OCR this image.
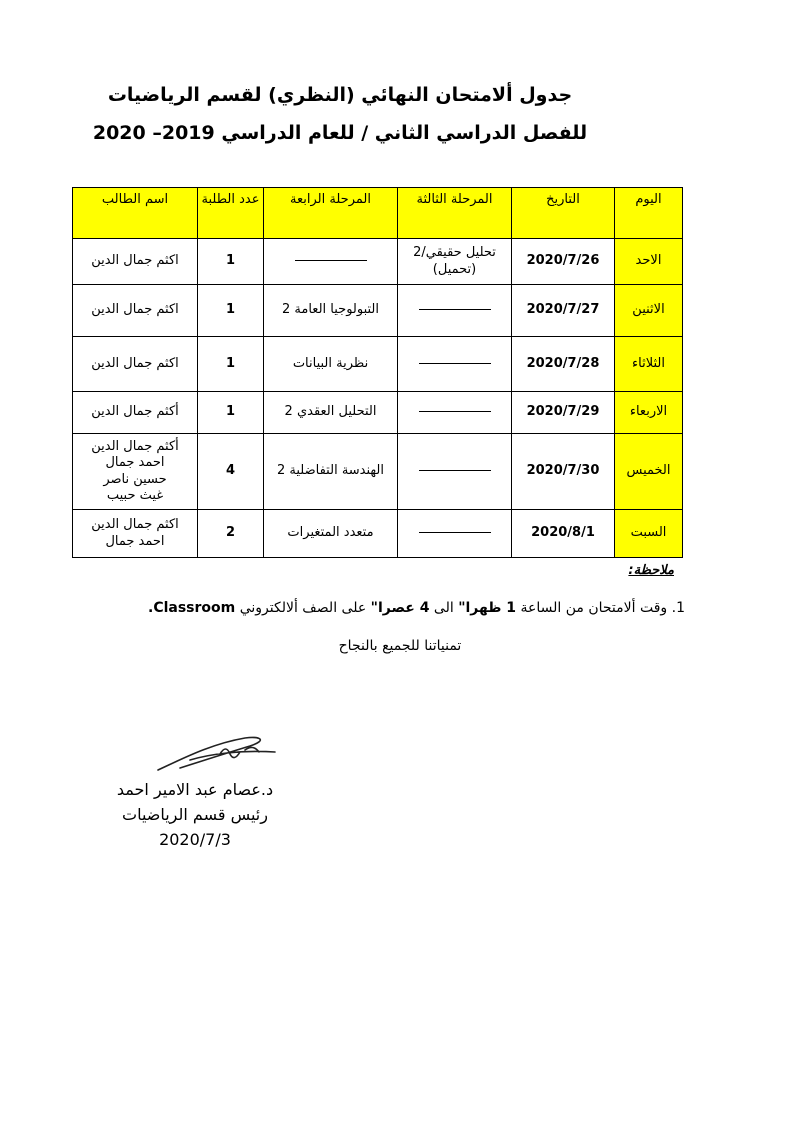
جدول ألامتحان النهائي (النظري) لقسم الرياضيات
للفصل الدراسي الثاني / للعام الدراسي 2019– 2020
اليوم	التاريخ	المرحلة الثالثة	المرحلة الرابعة	عدد الطلبة	اسم الطالب
الاحد	2020/7/26	تحليل حقيقي/2 (تحميل)		1	اكثم جمال الدين
الاثنين	2020/7/27		التبولوجيا العامة 2	1	اكثم جمال الدين
الثلاثاء	2020/7/28		نظرية البيانات	1	اكثم جمال الدين
الاربعاء	2020/7/29		التحليل العقدي 2	1	أكثم جمال الدين
الخميس	2020/7/30		الهندسة التفاضلية 2	4	أكثم جمال الدين
احمد جمال
حسين ناصر
غيث حبيب
السبت	2020/8/1		متعدد المتغيرات	2	اكثم جمال الدين
احمد جمال
ملاحظة:
1. وقت ألامتحان من الساعة 1 ظهرا" الى 4 عصرا" على الصف ألالكتروني Classroom.
تمنياتنا للجميع بالنجاح
د.عصام عبد الامير احمد
رئيس قسم الرياضيات
2020/7/3
